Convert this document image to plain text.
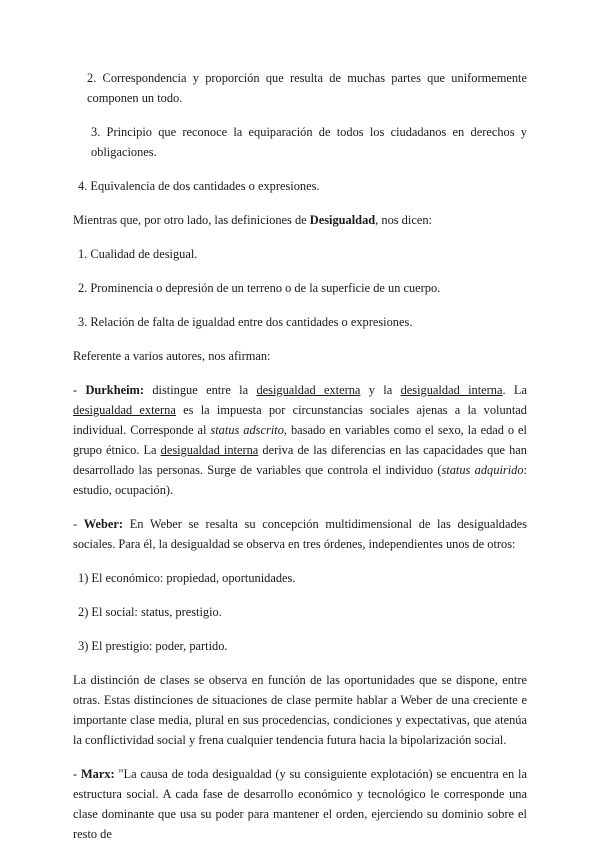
2. Correspondencia y proporción que resulta de muchas partes que uniformemente componen un todo.

3. Principio que reconoce la equiparación de todos los ciudadanos en derechos y obligaciones.

4. Equivalencia de dos cantidades o expresiones.

Mientras que, por otro lado, las definiciones de Desigualdad, nos dicen:

1. Cualidad de desigual.

2. Prominencia o depresión de un terreno o de la superficie de un cuerpo.

3. Relación de falta de igualdad entre dos cantidades o expresiones.

Referente a varios autores, nos afirman:

- Durkheim: distingue entre la desigualdad externa y la desigualdad interna. La desigualdad externa es la impuesta por circunstancias sociales ajenas a la voluntad individual. Corresponde al status adscrito, basado en variables como el sexo, la edad o el grupo étnico. La desigualdad interna deriva de las diferencias en las capacidades que han desarrollado las personas. Surge de variables que controla el individuo (status adquirido: estudio, ocupación).

- Weber: En Weber se resalta su concepción multidimensional de las desigualdades sociales. Para él, la desigualdad se observa en tres órdenes, independientes unos de otros:

1) El económico: propiedad, oportunidades.

2) El social: status, prestigio.

3) El prestigio: poder, partido.

La distinción de clases se observa en función de las oportunidades que se dispone, entre otras. Estas distinciones de situaciones de clase permite hablar a Weber de una creciente e importante clase media, plural en sus procedencias, condiciones y expectativas, que atenúa la conflictividad social y frena cualquier tendencia futura hacia la bipolarización social.

- Marx: "La causa de toda desigualdad (y su consiguiente explotación) se encuentra en la estructura social. A cada fase de desarrollo económico y tecnológico le corresponde una clase dominante que usa su poder para mantener el orden, ejerciendo su dominio sobre el resto de
